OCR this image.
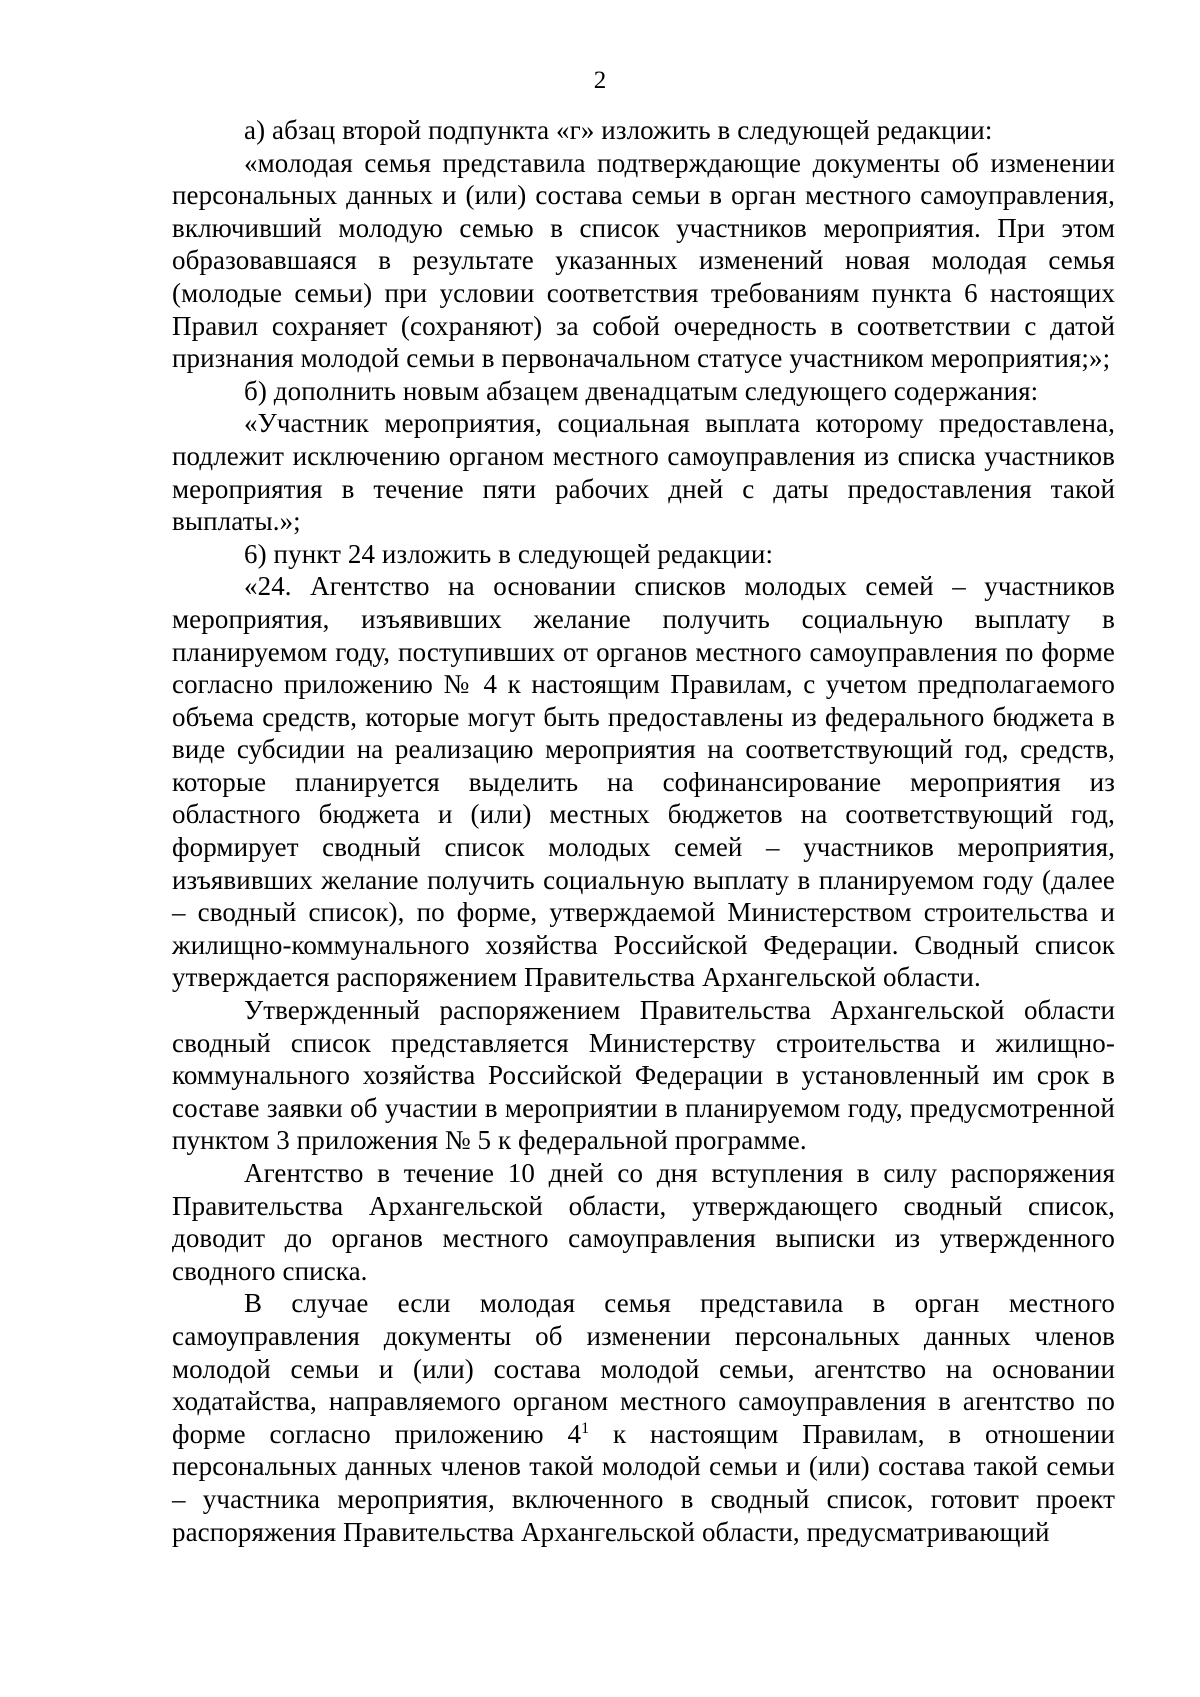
2

а) абзац второй подпункта «г» изложить в следующей редакции:

«молодая семья представила подтверждающие документы об изменении персональных данных и (или) состава семьи в орган местного самоуправления, включивший молодую семью в список участников мероприятия. При этом образовавшаяся в результате указанных изменений новая молодая семья (молодые семьи) при условии соответствия требованиям пункта 6 настоящих Правил сохраняет (сохраняют) за собой очередность в соответствии с датой признания молодой семьи в первоначальном статусе участником мероприятия;»;

б) дополнить новым абзацем двенадцатым следующего содержания:

«Участник мероприятия, социальная выплата которому предоставлена, подлежит исключению органом местного самоуправления из списка участников мероприятия в течение пяти рабочих дней с даты предоставления такой выплаты.»;

6) пункт 24 изложить в следующей редакции:

«24. Агентство на основании списков молодых семей – участников мероприятия, изъявивших желание получить социальную выплату в планируемом году, поступивших от органов местного самоуправления по форме согласно приложению № 4 к настоящим Правилам, с учетом предполагаемого объема средств, которые могут быть предоставлены из федерального бюджета в виде субсидии на реализацию мероприятия на соответствующий год, средств, которые планируется выделить на софинансирование мероприятия из областного бюджета и (или) местных бюджетов на соответствующий год, формирует сводный список молодых семей – участников мероприятия, изъявивших желание получить социальную выплату в планируемом году (далее – сводный список), по форме, утверждаемой Министерством строительства и жилищно-коммунального хозяйства Российской Федерации. Сводный список утверждается распоряжением Правительства Архангельской области.

Утвержденный распоряжением Правительства Архангельской области сводный список представляется Министерству строительства и жилищно-коммунального хозяйства Российской Федерации в установленный им срок в составе заявки об участии в мероприятии в планируемом году, предусмотренной пунктом 3 приложения № 5 к федеральной программе.

Агентство в течение 10 дней со дня вступления в силу распоряжения Правительства Архангельской области, утверждающего сводный список, доводит до органов местного самоуправления выписки из утвержденного сводного списка.

В случае если молодая семья представила в орган местного самоуправления документы об изменении персональных данных членов молодой семьи и (или) состава молодой семьи, агентство на основании ходатайства, направляемого органом местного самоуправления в агентство по форме согласно приложению $4^1$ к настоящим Правилам, в отношении персональных данных членов такой молодой семьи и (или) состава такой семьи – участника мероприятия, включенного в сводный список, готовит проект распоряжения Правительства Архангельской области, предусматривающий
